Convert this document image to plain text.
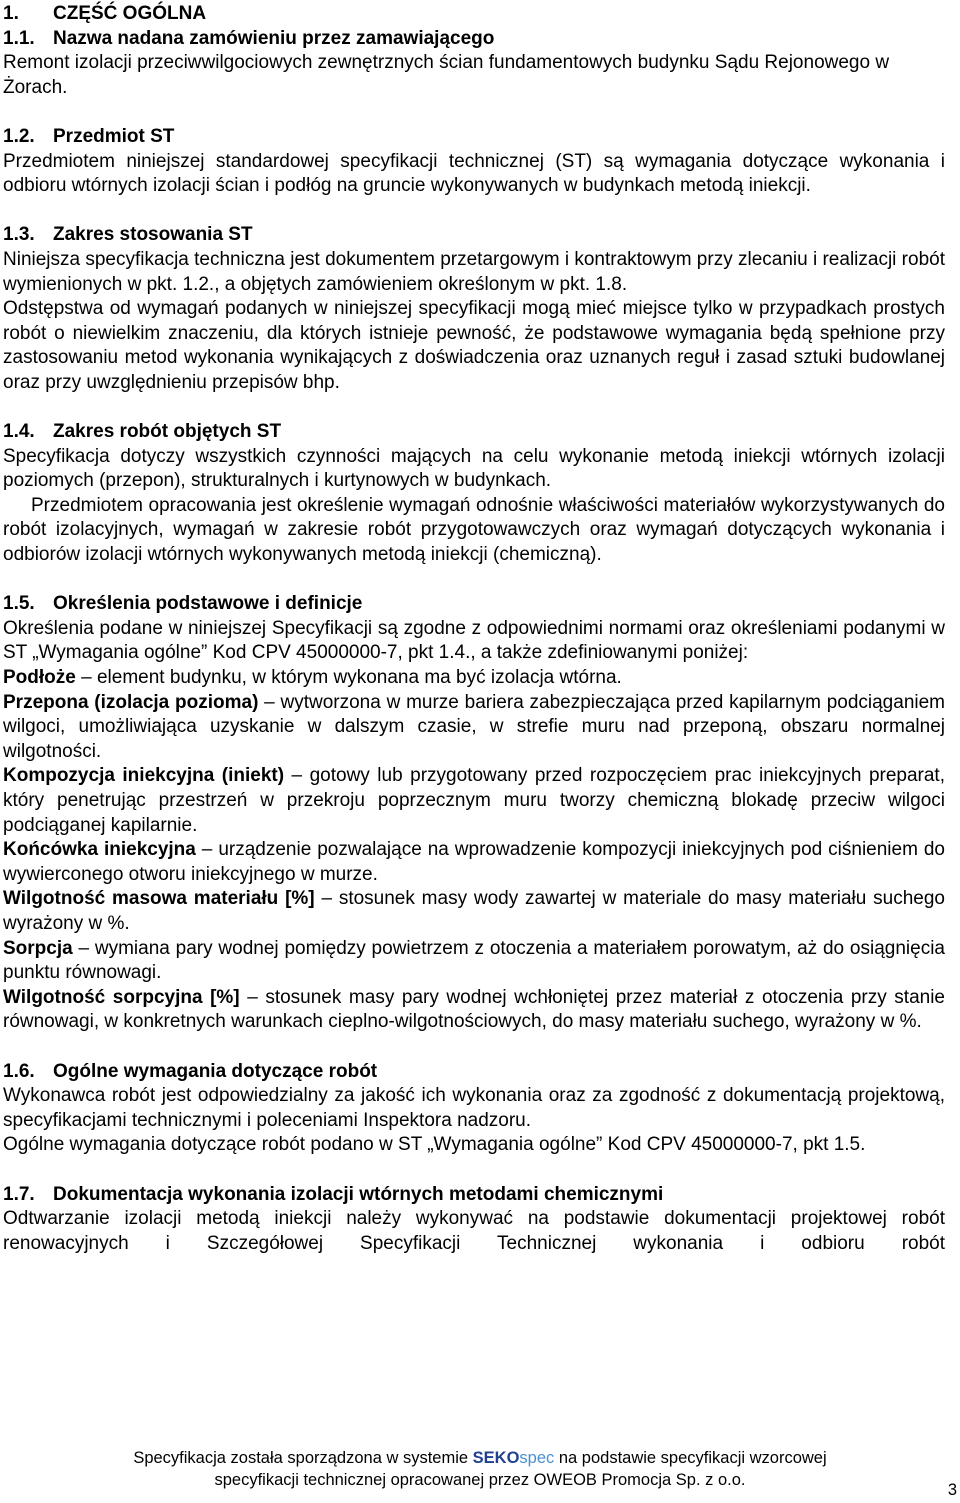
1. CZĘŚĆ OGÓLNA

1.1. Nazwa nadana zamówieniu przez zamawiającego

Remont izolacji przeciwwilgociowych zewnętrznych ścian fundamentowych budynku Sądu Rejonowego w Żorach.

1.2. Przedmiot ST

Przedmiotem niniejszej standardowej specyfikacji technicznej (ST) są wymagania dotyczące wykonania i odbioru wtórnych izolacji ścian i podłóg na gruncie wykonywanych w budynkach metodą iniekcji.

1.3. Zakres stosowania ST

Niniejsza specyfikacja techniczna jest dokumentem przetargowym i kontraktowym przy zlecaniu i realizacji robót wymienionych w pkt. 1.2., a objętych zamówieniem określonym w pkt. 1.8.

Odstępstwa od wymagań podanych w niniejszej specyfikacji mogą mieć miejsce tylko w przypadkach prostych robót o niewielkim znaczeniu, dla których istnieje pewność, że podstawowe wymagania będą spełnione przy zastosowaniu metod wykonania wynikających z doświadczenia oraz uznanych reguł i zasad sztuki budowlanej oraz przy uwzględnieniu przepisów bhp.

1.4. Zakres robót objętych ST

Specyfikacja dotyczy wszystkich czynności mających na celu wykonanie metodą iniekcji wtórnych izolacji poziomych (przepon), strukturalnych i kurtynowych w budynkach.

Przedmiotem opracowania jest określenie wymagań odnośnie właściwości materiałów wykorzystywanych do robót izolacyjnych, wymagań w zakresie robót przygotowawczych oraz wymagań dotyczących wykonania i odbiorów izolacji wtórnych wykonywanych metodą iniekcji (chemiczną).

1.5. Określenia podstawowe i definicje

Określenia podane w niniejszej Specyfikacji są zgodne z odpowiednimi normami oraz określeniami podanymi w ST „Wymagania ogólne” Kod CPV 45000000-7, pkt 1.4., a także zdefiniowanymi poniżej:

Podłoże – element budynku, w którym wykonana ma być izolacja wtórna.

Przepona (izolacja pozioma) – wytworzona w murze bariera zabezpieczająca przed kapilarnym podciąganiem wilgoci, umożliwiająca uzyskanie w dalszym czasie, w strefie muru nad przeponą, obszaru normalnej wilgotności.

Kompozycja iniekcyjna (iniekt) – gotowy lub przygotowany przed rozpoczęciem prac iniekcyjnych preparat, który penetrując przestrzeń w przekroju poprzecznym muru tworzy chemiczną blokadę przeciw wilgoci podciąganej kapilarnie.

Końcówka iniekcyjna – urządzenie pozwalające na wprowadzenie kompozycji iniekcyjnych pod ciśnieniem do wywierconego otworu iniekcyjnego w murze.

Wilgotność masowa materiału [%] – stosunek masy wody zawartej w materiale do masy materiału suchego wyrażony w %.

Sorpcja – wymiana pary wodnej pomiędzy powietrzem z otoczenia a materiałem porowatym, aż do osiągnięcia punktu równowagi.

Wilgotność sorpcyjna [%] – stosunek masy pary wodnej wchłoniętej przez materiał z otoczenia przy stanie równowagi, w konkretnych warunkach cieplno-wilgotnościowych, do masy materiału suchego, wyrażony w %.

1.6. Ogólne wymagania dotyczące robót

Wykonawca robót jest odpowiedzialny za jakość ich wykonania oraz za zgodność z dokumentacją projektową, specyfikacjami technicznymi i poleceniami Inspektora nadzoru.

Ogólne wymagania dotyczące robót podano w ST „Wymagania ogólne” Kod CPV 45000000-7, pkt 1.5.

1.7. Dokumentacja wykonania izolacji wtórnych metodami chemicznymi

Odtwarzanie izolacji metodą iniekcji należy wykonywać na podstawie dokumentacji projektowej robót renowacyjnych i Szczegółowej Specyfikacji Technicznej wykonania i odbioru robót

Specyfikacja została sporządzona w systemie SEKOspec na podstawie specyfikacji wzorcowej
specyfikacji technicznej opracowanej przez OWEOB Promocja Sp. z o.o.
3
